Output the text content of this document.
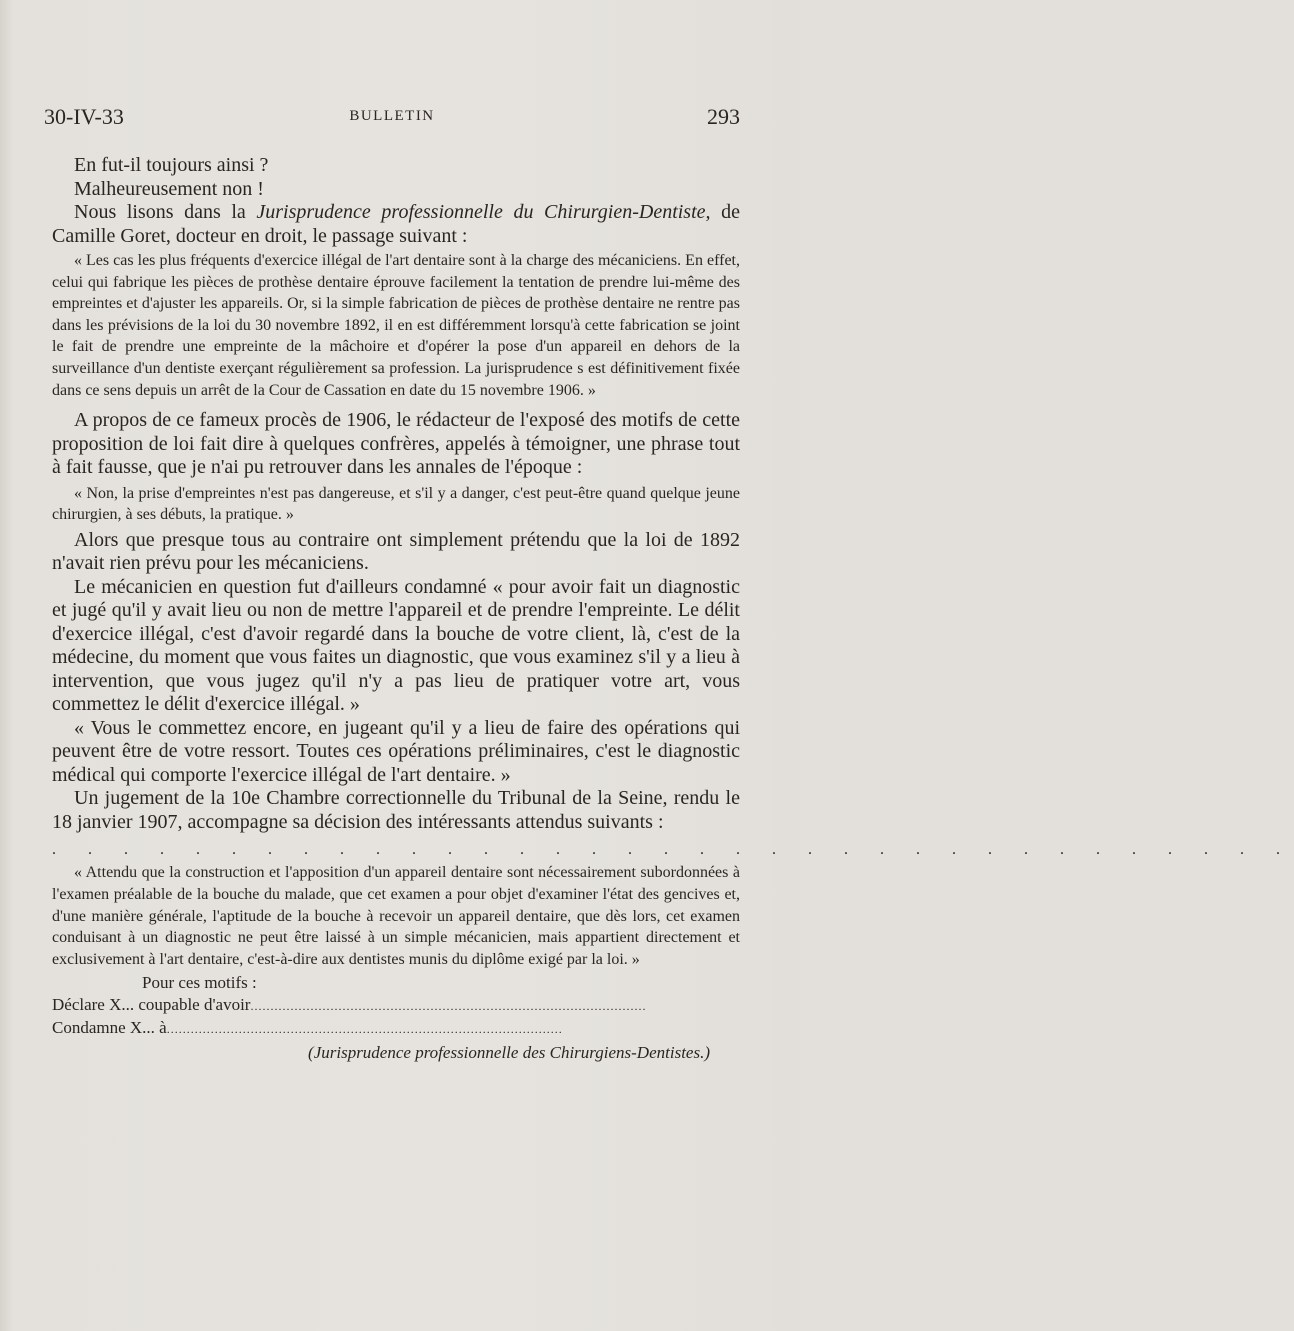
30-IV-33	BULLETIN	293

En fut-il toujours ainsi ?

Malheureusement non !

Nous lisons dans la Jurisprudence professionnelle du Chirurgien-Dentiste, de Camille Goret, docteur en droit, le passage suivant :

« Les cas les plus fréquents d'exercice illégal de l'art dentaire sont à la charge des mécaniciens. En effet, celui qui fabrique les pièces de prothèse dentaire éprouve facilement la tentation de prendre lui-même des empreintes et d'ajuster les appareils. Or, si la simple fabrication de pièces de prothèse dentaire ne rentre pas dans les prévisions de la loi du 30 novembre 1892, il en est différemment lorsqu'à cette fabrication se joint le fait de prendre une empreinte de la mâchoire et d'opérer la pose d'un appareil en dehors de la surveillance d'un dentiste exerçant régulièrement sa profession. La jurisprudence s est définitivement fixée dans ce sens depuis un arrêt de la Cour de Cassation en date du 15 novembre 1906. »

A propos de ce fameux procès de 1906, le rédacteur de l'exposé des motifs de cette proposition de loi fait dire à quelques confrères, appelés à témoigner, une phrase tout à fait fausse, que je n'ai pu retrouver dans les annales de l'époque :

« Non, la prise d'empreintes n'est pas dangereuse, et s'il y a danger, c'est peut-être quand quelque jeune chirurgien, à ses débuts, la pratique. »

Alors que presque tous au contraire ont simplement prétendu que la loi de 1892 n'avait rien prévu pour les mécaniciens.

Le mécanicien en question fut d'ailleurs condamné « pour avoir fait un diagnostic et jugé qu'il y avait lieu ou non de mettre l'appareil et de prendre l'empreinte. Le délit d'exercice illégal, c'est d'avoir regardé dans la bouche de votre client, là, c'est de la médecine, du moment que vous faites un diagnostic, que vous examinez s'il y a lieu à intervention, que vous jugez qu'il n'y a pas lieu de pratiquer votre art, vous commettez le délit d'exercice illégal. »

« Vous le commettez encore, en jugeant qu'il y a lieu de faire des opérations qui peuvent être de votre ressort. Toutes ces opérations préliminaires, c'est le diagnostic médical qui comporte l'exercice illégal de l'art dentaire. »

Un jugement de la 10e Chambre correctionnelle du Tribunal de la Seine, rendu le 18 janvier 1907, accompagne sa décision des intéressants attendus suivants :

. . . . . . . . . . . . . . . . . . . . . . . . . . . . . . . . . . .

« Attendu que la construction et l'apposition d'un appareil dentaire sont nécessairement subordonnées à l'examen préalable de la bouche du malade, que cet examen a pour objet d'examiner l'état des gencives et, d'une manière générale, l'aptitude de la bouche à recevoir un appareil dentaire, que dès lors, cet examen conduisant à un diagnostic ne peut être laissé à un simple mécanicien, mais appartient directement et exclusivement à l'art dentaire, c'est-à-dire aux dentistes munis du diplôme exigé par la loi. »

Pour ces motifs :
Déclare X... coupable d'avoir ...................................................................................................
Condamne X... à ...................................................................................................

(Jurisprudence professionnelle des Chirurgiens-Dentistes.)
